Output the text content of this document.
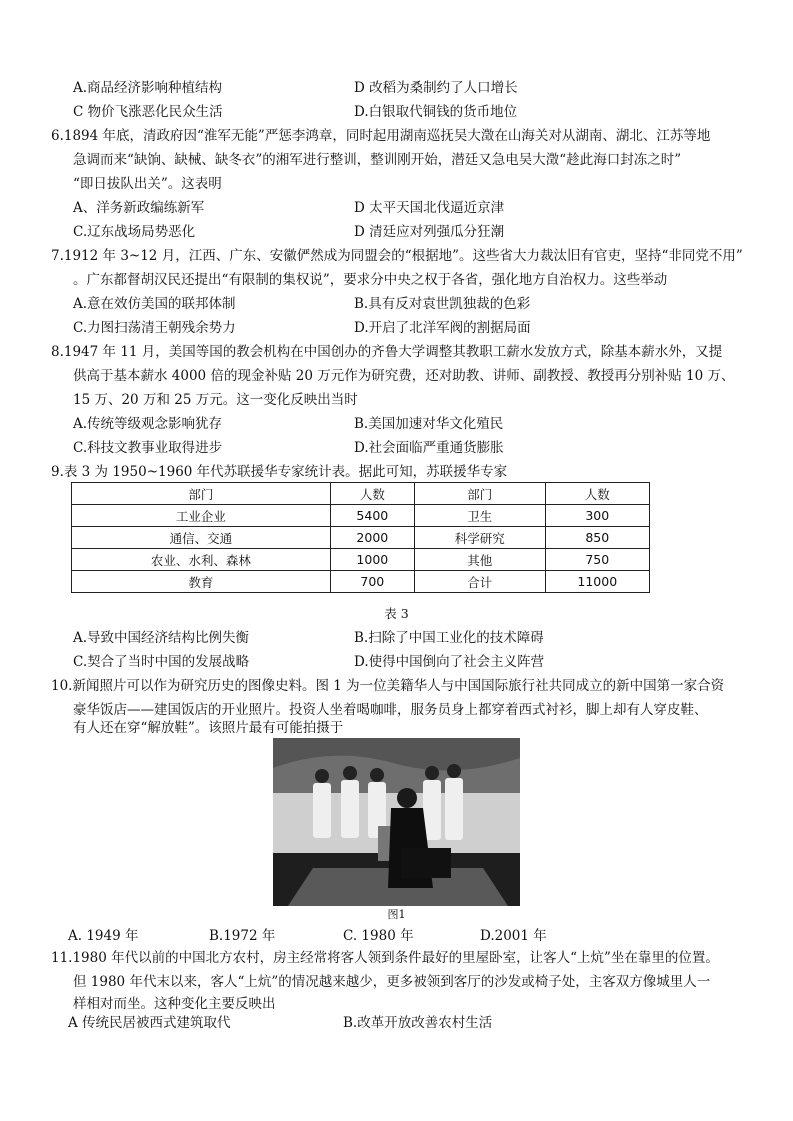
A.商品经济影响种植结构	D 改稻为桑制约了人口增长
C 物价飞涨恶化民众生活	D.白银取代铜钱的货币地位
6.1894 年底，清政府因“淮军无能”严惩李鸿章，同时起用湖南巡抚吴大澂在山海关对从湖南、湖北、江苏等地
急调而来“缺饷、缺械、缺冬衣”的湘军进行整训，整训刚开始，潜廷又急电吴大澂“趁此海口封冻之时”
“即日拔队出关”。这表明
A、洋务新政编练新军	D 太平天国北伐逼近京津
C.辽东战场局势恶化	D 清廷应对列强瓜分狂潮
7.1912 年 3~12 月，江西、广东、安徽俨然成为同盟会的“根据地”。这些省大力裁汰旧有官吏，坚持“非同党不用”
。广东都督胡汉民还提出“有限制的集权说”，要求分中央之权于各省，强化地方自治权力。这些举动
A.意在效仿美国的联邦体制	B.具有反对袁世凯独裁的色彩
C.力图扫荡清王朝残余势力	D.开启了北洋军阀的割据局面
8.1947 年 11 月，美国等国的教会机构在中国创办的齐鲁大学调整其教职工薪水发放方式，除基本薪水外，又提
供高于基本薪水 4000 倍的现金补贴 20 万元作为研究费，还对助教、讲师、副教授、教授再分别补贴 10 万、
15 万、20 万和 25 万元。这一变化反映出当时
A.传统等级观念影响犹存	B.美国加速对华文化殖民
C.科技文教事业取得进步	D.社会面临严重通货膨胀
9.表 3 为 1950~1960 年代苏联援华专家统计表。据此可知，苏联援华专家
部门	人数	部门	人数
工业企业	5400	卫生	300
通信、交通	2000	科学研究	850
农业、水利、森林	1000	其他	750
教育	700	合计	11000
表 3
A.导致中国经济结构比例失衡	B.扫除了中国工业化的技术障碍
C.契合了当时中国的发展战略	D.使得中国倒向了社会主义阵营
10.新闻照片可以作为研究历史的图像史料。图 1 为一位美籍华人与中国国际旅行社共同成立的新中国第一家合资
豪华饭店——建国饭店的开业照片。投资人坐着喝咖啡，服务员身上都穿着西式衬衫，脚上却有人穿皮鞋、
有人还在穿“解放鞋”。该照片最有可能拍摄于
图1
A. 1949 年	B.1972 年	C. 1980 年	D.2001 年
11.1980 年代以前的中国北方农村，房主经常将客人领到条件最好的里屋卧室，让客人“上炕”坐在靠里的位置。
但 1980 年代末以来，客人“上炕”的情况越来越少，更多被领到客厅的沙发或椅子处，主客双方像城里人一
样相对而坐。这种变化主要反映出
A 传统民居被西式建筑取代	B.改革开放改善农村生活
